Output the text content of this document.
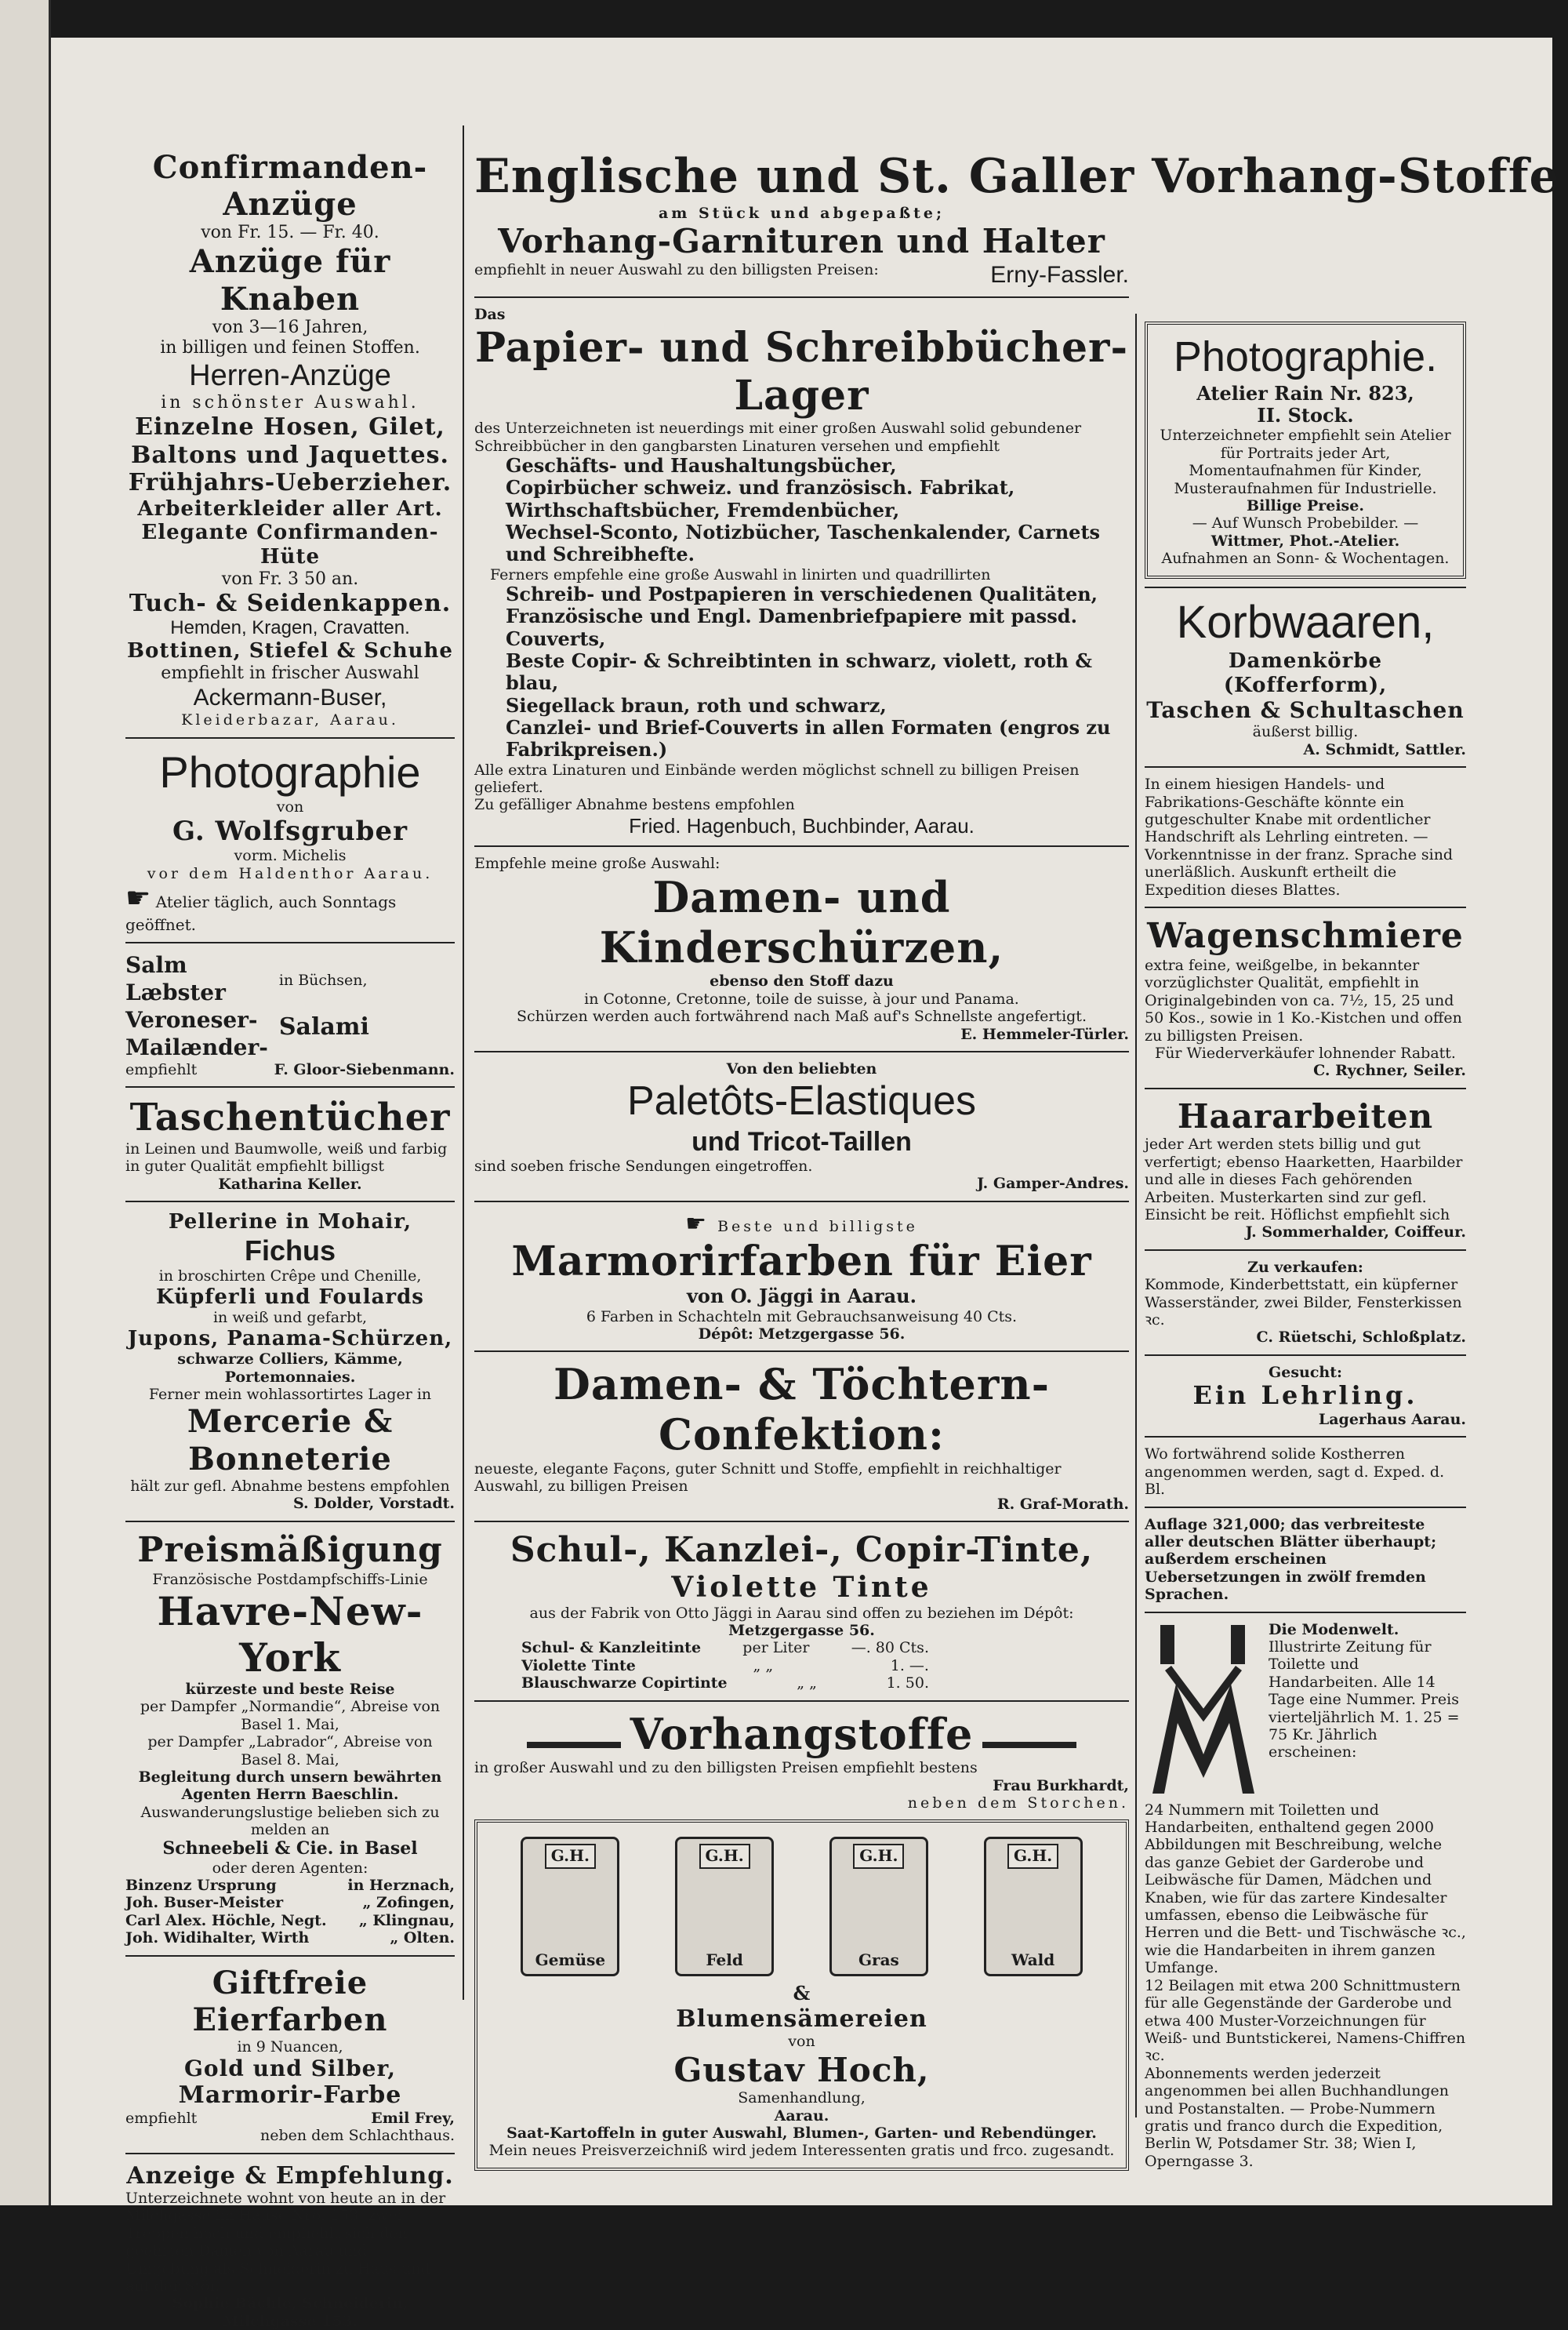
Confirmanden-Anzüge
von Fr. 15. — Fr. 40.
Anzüge für Knaben
von 3—16 Jahren,
in billigen und feinen Stoffen.
Herren-Anzüge
in schönster Auswahl.
Einzelne Hosen, Gilet, Baltons und Jaquettes.
Frühjahrs-Ueberzieher.
Arbeiterkleider aller Art.
Elegante Confirmanden-Hüte
von Fr. 3 50 an.
Tuch- & Seidenkappen.
Hemden, Kragen, Cravatten.
Bottinen, Stiefel & Schuhe
empfiehlt in frischer Auswahl
Ackermann-Buser,
Kleiderbazar, Aarau.
Photographie
von
G. Wolfsgruber
vorm. Michelis
vor dem Haldenthor Aarau.
☛ Atelier täglich, auch Sonntags geöffnet.
Salm
Læbster
Veroneser-
Mailænder-
in Büchsen,
Salami
empfiehlt	F. Gloor-Siebenmann.
Taschentücher
in Leinen und Baumwolle, weiß und farbig in guter Qualität empfiehlt billigst
Katharina Keller.
Pellerine in Mohair,
Fichus
in broschirten Crêpe und Chenille,
Küpferli und Foulards
in weiß und gefarbt,
Jupons, Panama-Schürzen,
schwarze Colliers, Kämme, Portemonnaies.
Ferner mein wohlassortirtes Lager in
Mercerie & Bonneterie
hält zur gefl. Abnahme bestens empfohlen
S. Dolder, Vorstadt.
Preismäßigung
Französische Postdampfschiffs-Linie
Havre-New-York
kürzeste und beste Reise
per Dampfer „Normandie“, Abreise von Basel 1. Mai,
per Dampfer „Labrador“, Abreise von Basel 8. Mai,
Begleitung durch unsern bewährten Agenten Herrn Baeschlin.
Auswanderungslustige belieben sich zu melden an
Schneebeli & Cie. in Basel
oder deren Agenten:
Binzenz Ursprung	in Herznach,
Joh. Buser-Meister	„ Zofingen,
Carl Alex. Höchle, Negt. „ Klingnau,
Joh. Widihalter, Wirth	„ Olten.
Giftfreie Eierfarben
in 9 Nuancen,
Gold und Silber,
Marmorir-Farbe
empfiehlt	Emil Frey,
neben dem Schlachthaus.
Anzeige & Empfehlung.
Unterzeichnete wohnt von heute an in der Milchgasse im Hause Nro. 153, zwei Treppen hoch und empfiehlt sich den geehrten Damen von Aarau und Umgebung als Schneiderin zu Haus und auf der Stör.
Sophie Bächle, Schneiderin,
Milchgasse 153.
Englische und St. Galler Vorhang-Stoffe
am Stück und abgepaßte;
Vorhang-Garnituren und Halter
empfiehlt in neuer Auswahl zu den billigsten Preisen:	Erny-Fassler.
Das
Papier- und Schreibbücher-Lager
des Unterzeichneten ist neuerdings mit einer großen Auswahl solid gebundener Schreibbücher in den gangbarsten Linaturen versehen und empfiehlt
Geschäfts- und Haushaltungsbücher,
Copirbücher schweiz. und französisch. Fabrikat,
Wirthschaftsbücher, Fremdenbücher,
Wechsel-Sconto, Notizbücher, Taschenkalender, Carnets und Schreibhefte.
Ferners empfehle eine große Auswahl in linirten und quadrillirten
Schreib- und Postpapieren in verschiedenen Qualitäten,
Französische und Engl. Damenbriefpapiere mit passd. Couverts,
Beste Copir- & Schreibtinten in schwarz, violett, roth & blau,
Siegellack braun, roth und schwarz,
Canzlei- und Brief-Couverts in allen Formaten (engros zu Fabrikpreisen.)
Alle extra Linaturen und Einbände werden möglichst schnell zu billigen Preisen geliefert.
Zu gefälliger Abnahme bestens empfohlen
Fried. Hagenbuch, Buchbinder, Aarau.
Empfehle meine große Auswahl:
Damen- und Kinderschürzen,
ebenso den Stoff dazu
in Cotonne, Cretonne, toile de suisse, à jour und Panama.
Schürzen werden auch fortwährend nach Maß auf's Schnellste angefertigt.
E. Hemmeler-Türler.
Von den beliebten
Paletôts-Elastiques
und Tricot-Taillen
sind soeben frische Sendungen eingetroffen.
J. Gamper-Andres.
☛ Beste und billigste
Marmorirfarben für Eier
von O. Jäggi in Aarau.
6 Farben in Schachteln mit Gebrauchsanweisung 40 Cts.
Dépôt: Metzgergasse 56.
Damen- & Töchtern-Confektion:
neueste, elegante Façons, guter Schnitt und Stoffe, empfiehlt in reichhaltiger Auswahl, zu billigen Preisen
R. Graf-Morath.
Schul-, Kanzlei-, Copir-Tinte,
Violette Tinte
aus der Fabrik von Otto Jäggi in Aarau sind offen zu beziehen im Dépôt:
Metzgergasse 56.
Schul- & Kanzleitinte	per Liter	—. 80 Cts.
Violette Tinte	„ „	1. —.
Blauschwarze Copirtinte	„ „	1. 50.
Vorhangstoffe
in großer Auswahl und zu den billigsten Preisen empfiehlt bestens
Frau Burkhardt,
neben dem Storchen.
G.H.
Gemüse
G.H.
Feld
G.H.
Gras
G.H.
Wald
&
Blumensämereien
von
Gustav Hoch,
Samenhandlung,
Aarau.
Saat-Kartoffeln in guter Auswahl, Blumen-, Garten- und Rebendünger.
Mein neues Preisverzeichniß wird jedem Interessenten gratis und frco. zugesandt.
Photographie.
Atelier Rain Nr. 823,
II. Stock.
Unterzeichneter empfiehlt sein Atelier für Portraits jeder Art, Momentaufnahmen für Kinder, Musteraufnahmen für Industrielle.
Billige Preise.
— Auf Wunsch Probebilder. —
Wittmer, Phot.-Atelier.
Aufnahmen an Sonn- & Wochentagen.
Korbwaaren,
Damenkörbe (Kofferform),
Taschen & Schultaschen
äußerst billig.
A. Schmidt, Sattler.
In einem hiesigen Handels- und Fabrikations-Geschäfte könnte ein gutgeschulter Knabe mit ordentlicher Handschrift als Lehrling eintreten. — Vorkenntnisse in der franz. Sprache sind unerläßlich. Auskunft ertheilt die Expedition dieses Blattes.
Wagenschmiere
extra feine, weißgelbe, in bekannter vorzüglichster Qualität, empfiehlt in Originalgebinden von ca. 7½, 15, 25 und 50 Kos., sowie in 1 Ko.-Kistchen und offen zu billigsten Preisen.
Für Wiederverkäufer lohnender Rabatt.
C. Rychner, Seiler.
Haararbeiten
jeder Art werden stets billig und gut verfertigt; ebenso Haarketten, Haarbilder und alle in dieses Fach gehörenden Arbeiten. Musterkarten sind zur gefl. Einsicht be reit. Höflichst empfiehlt sich
J. Sommerhalder, Coiffeur.
Zu verkaufen:
Kommode, Kinderbettstatt, ein küpferner Wasserständer, zwei Bilder, Fensterkissen ꝛc.
C. Rüetschi, Schloßplatz.
Gesucht:
Ein Lehrling.
Lagerhaus Aarau.
Wo fortwährend solide Kostherren angenommen werden, sagt d. Exped. d. Bl.
Auflage 321,000; das verbreiteste aller deutschen Blätter überhaupt; außerdem erscheinen Uebersetzungen in zwölf fremden Sprachen.
Die Modenwelt.
Illustrirte Zeitung für Toilette und Handarbeiten. Alle 14 Tage eine Nummer. Preis vierteljährlich M. 1. 25 = 75 Kr. Jährlich erscheinen:
24 Nummern mit Toiletten und Handarbeiten, enthaltend gegen 2000 Abbildungen mit Beschreibung, welche das ganze Gebiet der Garderobe und Leibwäsche für Damen, Mädchen und Knaben, wie für das zartere Kindesalter umfassen, ebenso die Leibwäsche für Herren und die Bett- und Tischwäsche ꝛc., wie die Handarbeiten in ihrem ganzen Umfange.
12 Beilagen mit etwa 200 Schnittmustern für alle Gegenstände der Garderobe und etwa 400 Muster-Vorzeichnungen für Weiß- und Buntstickerei, Namens-Chiffren ꝛc.
Abonnements werden jederzeit angenommen bei allen Buchhandlungen und Postanstalten. — Probe-Nummern gratis und franco durch die Expedition, Berlin W, Potsdamer Str. 38; Wien I, Operngasse 3.
